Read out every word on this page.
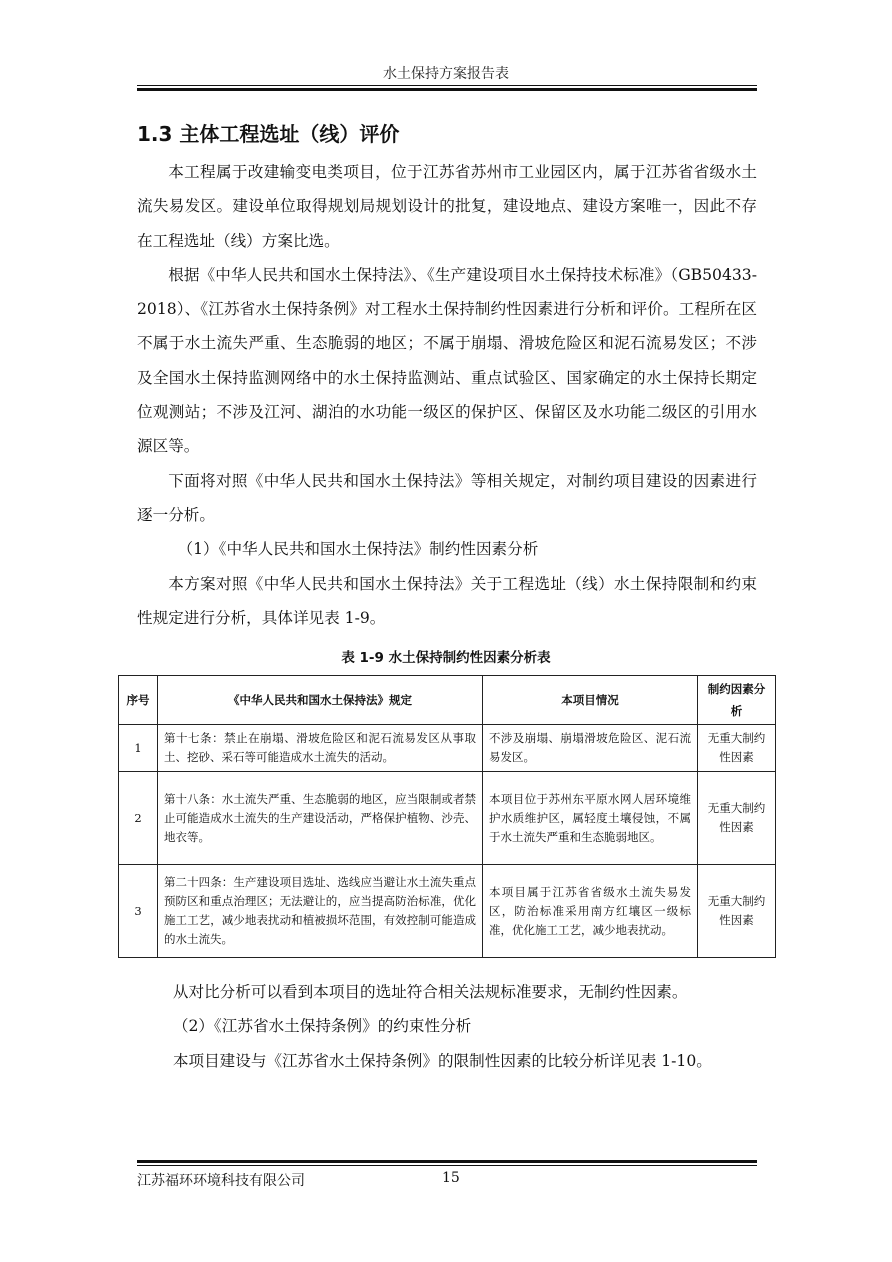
水土保持方案报告表
1.3 主体工程选址（线）评价

本工程属于改建输变电类项目，位于江苏省苏州市工业园区内，属于江苏省省级水土流失易发区。建设单位取得规划局规划设计的批复，建设地点、建设方案唯一，因此不存在工程选址（线）方案比选。

根据《中华人民共和国水土保持法》、《生产建设项目水土保持技术标准》（GB50433-2018）、《江苏省水土保持条例》对工程水土保持制约性因素进行分析和评价。工程所在区不属于水土流失严重、生态脆弱的地区；不属于崩塌、滑坡危险区和泥石流易发区；不涉及全国水土保持监测网络中的水土保持监测站、重点试验区、国家确定的水土保持长期定位观测站；不涉及江河、湖泊的水功能一级区的保护区、保留区及水功能二级区的引用水源区等。

下面将对照《中华人民共和国水土保持法》等相关规定，对制约项目建设的因素进行逐一分析。

（1）《中华人民共和国水土保持法》制约性因素分析

本方案对照《中华人民共和国水土保持法》关于工程选址（线）水土保持限制和约束性规定进行分析，具体详见表 1-9。

表 1-9 水土保持制约性因素分析表
序号	《中华人民共和国水土保持法》规定	本项目情况	制约因素分析
1	第十七条：禁止在崩塌、滑坡危险区和泥石流易发区从事取土、挖砂、采石等可能造成水土流失的活动。	不涉及崩塌、崩塌滑坡危险区、泥石流易发区。	无重大制约性因素
2	第十八条：水土流失严重、生态脆弱的地区，应当限制或者禁止可能造成水土流失的生产建设活动，严格保护植物、沙壳、地衣等。	本项目位于苏州东平原水网人居环境维护水质维护区，属轻度土壤侵蚀，不属于水土流失严重和生态脆弱地区。	无重大制约性因素
3	第二十四条：生产建设项目选址、选线应当避让水土流失重点预防区和重点治理区；无法避让的，应当提高防治标准，优化施工工艺，减少地表扰动和植被损坏范围，有效控制可能造成的水土流失。	本项目属于江苏省省级水土流失易发区，防治标准采用南方红壤区一级标准，优化施工工艺，减少地表扰动。	无重大制约性因素

从对比分析可以看到本项目的选址符合相关法规标准要求，无制约性因素。

（2）《江苏省水土保持条例》的约束性分析

本项目建设与《江苏省水土保持条例》的限制性因素的比较分析详见表 1-10。

江苏福环环境科技有限公司	15
